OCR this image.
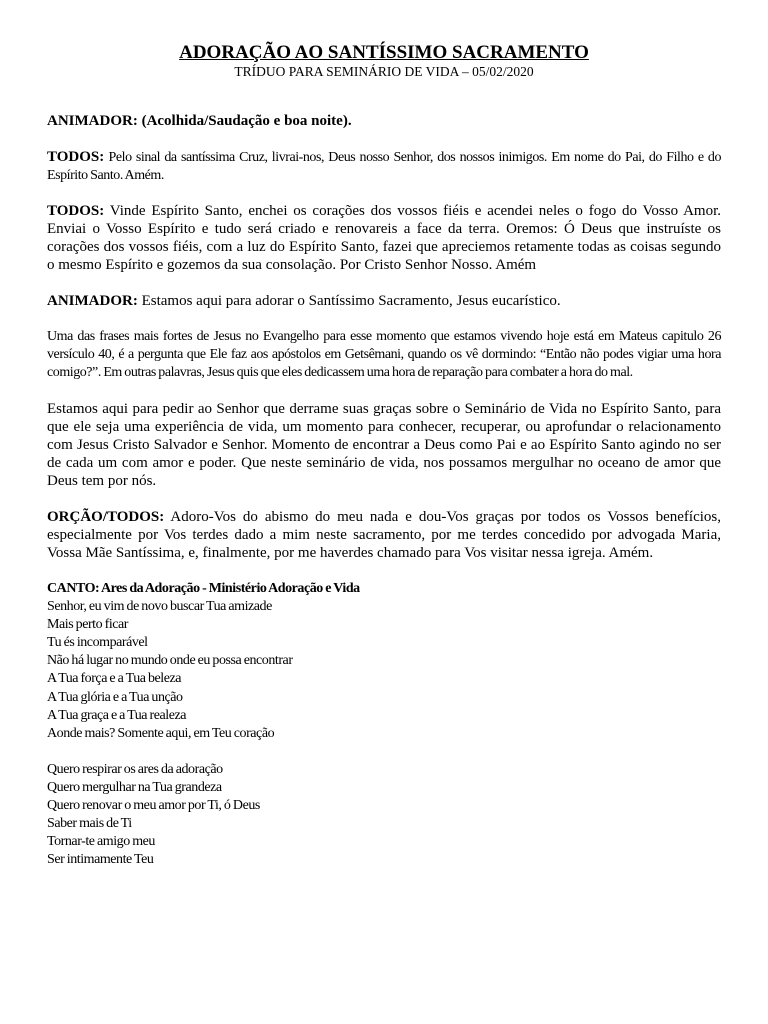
ADORAÇÃO AO SANTÍSSIMO SACRAMENTO

TRÍDUO PARA SEMINÁRIO DE VIDA – 05/02/2020

ANIMADOR: (Acolhida/Saudação e boa noite).

TODOS: Pelo sinal da santíssima Cruz, livrai-nos, Deus nosso Senhor, dos nossos inimigos. Em nome do Pai, do Filho e do Espírito Santo. Amém.

TODOS: Vinde Espírito Santo, enchei os corações dos vossos fiéis e acendei neles o fogo do Vosso Amor. Enviai o Vosso Espírito e tudo será criado e renovareis a face da terra. Oremos: Ó Deus que instruíste os corações dos vossos fiéis, com a luz do Espírito Santo, fazei que apreciemos retamente todas as coisas segundo o mesmo Espírito e gozemos da sua consolação. Por Cristo Senhor Nosso. Amém

ANIMADOR: Estamos aqui para adorar o Santíssimo Sacramento, Jesus eucarístico.

Uma das frases mais fortes de Jesus no Evangelho para esse momento que estamos vivendo hoje está em Mateus capitulo 26 versículo 40, é a pergunta que Ele faz aos apóstolos em Getsêmani, quando os vê dormindo: “Então não podes vigiar uma hora comigo?”. Em outras palavras, Jesus quis que eles dedicassem uma hora de reparação para combater a hora do mal.

Estamos aqui para pedir ao Senhor que derrame suas graças sobre o Seminário de Vida no Espírito Santo, para que ele seja uma experiência de vida, um momento para conhecer, recuperar, ou aprofundar o relacionamento com Jesus Cristo Salvador e Senhor. Momento de encontrar a Deus como Pai e ao Espírito Santo agindo no ser de cada um com amor e poder. Que neste seminário de vida, nos possamos mergulhar no oceano de amor que Deus tem por nós.

ORÇÃO/TODOS: Adoro-Vos do abismo do meu nada e dou-Vos graças por todos os Vossos benefícios, especialmente por Vos terdes dado a mim neste sacramento, por me terdes concedido por advogada Maria, Vossa Mãe Santíssima, e, finalmente, por me haverdes chamado para Vos visitar nessa igreja. Amém.

CANTO: Ares da Adoração - Ministério Adoração e Vida
Senhor, eu vim de novo buscar Tua amizade
Mais perto ficar
Tu és incomparável
Não há lugar no mundo onde eu possa encontrar
A Tua força e a Tua beleza
A Tua glória e a Tua unção
A Tua graça e a Tua realeza
Aonde mais? Somente aqui, em Teu coração
Quero respirar os ares da adoração
Quero mergulhar na Tua grandeza
Quero renovar o meu amor por Ti, ó Deus
Saber mais de Ti
Tornar-te amigo meu
Ser intimamente Teu
